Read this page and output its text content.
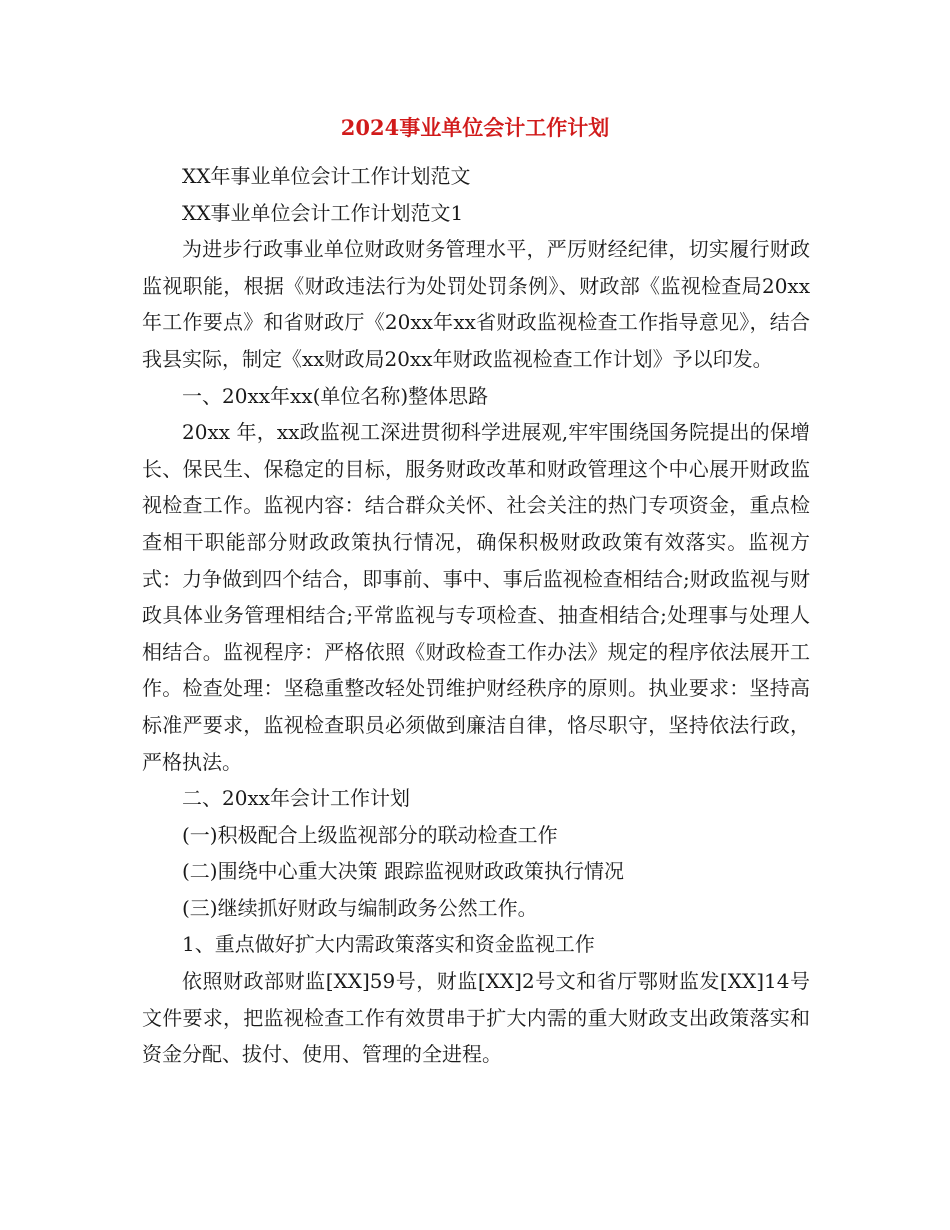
2024事业单位会计工作计划

XX年事业单位会计工作计划范文

XX事业单位会计工作计划范文1

为进步行政事业单位财政财务管理水平，严厉财经纪律，切实履行财政监视职能，根据《财政违法行为处罚处罚条例》、财政部《监视检查局20xx年工作要点》和省财政厅《20xx年xx省财政监视检查工作指导意见》，结合我县实际，制定《xx财政局20xx年财政监视检查工作计划》予以印发。

一、20xx年xx(单位名称)整体思路

20xx 年，xx政监视工深进贯彻科学进展观,牢牢围绕国务院提出的保增长、保民生、保稳定的目标，服务财政改革和财政管理这个中心展开财政监视检查工作。监视内容：结合群众关怀、社会关注的热门专项资金，重点检查相干职能部分财政政策执行情况，确保积极财政政策有效落实。监视方式：力争做到四个结合，即事前、事中、事后监视检查相结合;财政监视与财政具体业务管理相结合;平常监视与专项检查、抽查相结合;处理事与处理人相结合。监视程序：严格依照《财政检查工作办法》规定的程序依法展开工作。检查处理：坚稳重整改轻处罚维护财经秩序的原则。执业要求：坚持高标准严要求，监视检查职员必须做到廉洁自律，恪尽职守，坚持依法行政，严格执法。

二、20xx年会计工作计划

(一)积极配合上级监视部分的联动检查工作

(二)围绕中心重大决策 跟踪监视财政政策执行情况

(三)继续抓好财政与编制政务公然工作。

1、重点做好扩大内需政策落实和资金监视工作

依照财政部财监[XX]59号，财监[XX]2号文和省厅鄂财监发[XX]14号文件要求，把监视检查工作有效贯串于扩大内需的重大财政支出政策落实和资金分配、拔付、使用、管理的全进程。
